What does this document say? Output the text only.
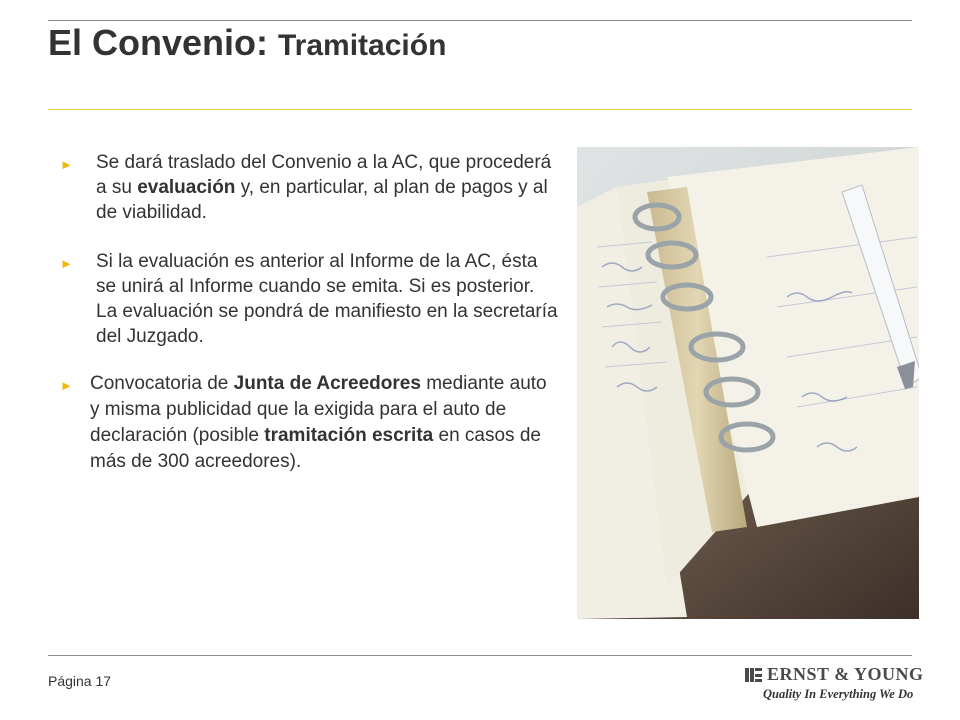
El Convenio: Tramitación
► Se dará traslado del Convenio a la AC, que procederá a su evaluación y, en particular, al plan de pagos y al de viabilidad.
► Si la evaluación es anterior al Informe de la AC, ésta se unirá al Informe cuando se emita. Si es posterior. La evaluación se pondrá de manifiesto en la secretaría del Juzgado.
► Convocatoria de Junta de Acreedores mediante auto y misma publicidad que la exigida para el auto de declaración (posible tramitación escrita en casos de más de 300 acreedores).
Página 17	ERNST & YOUNG
Quality In Everything We Do
